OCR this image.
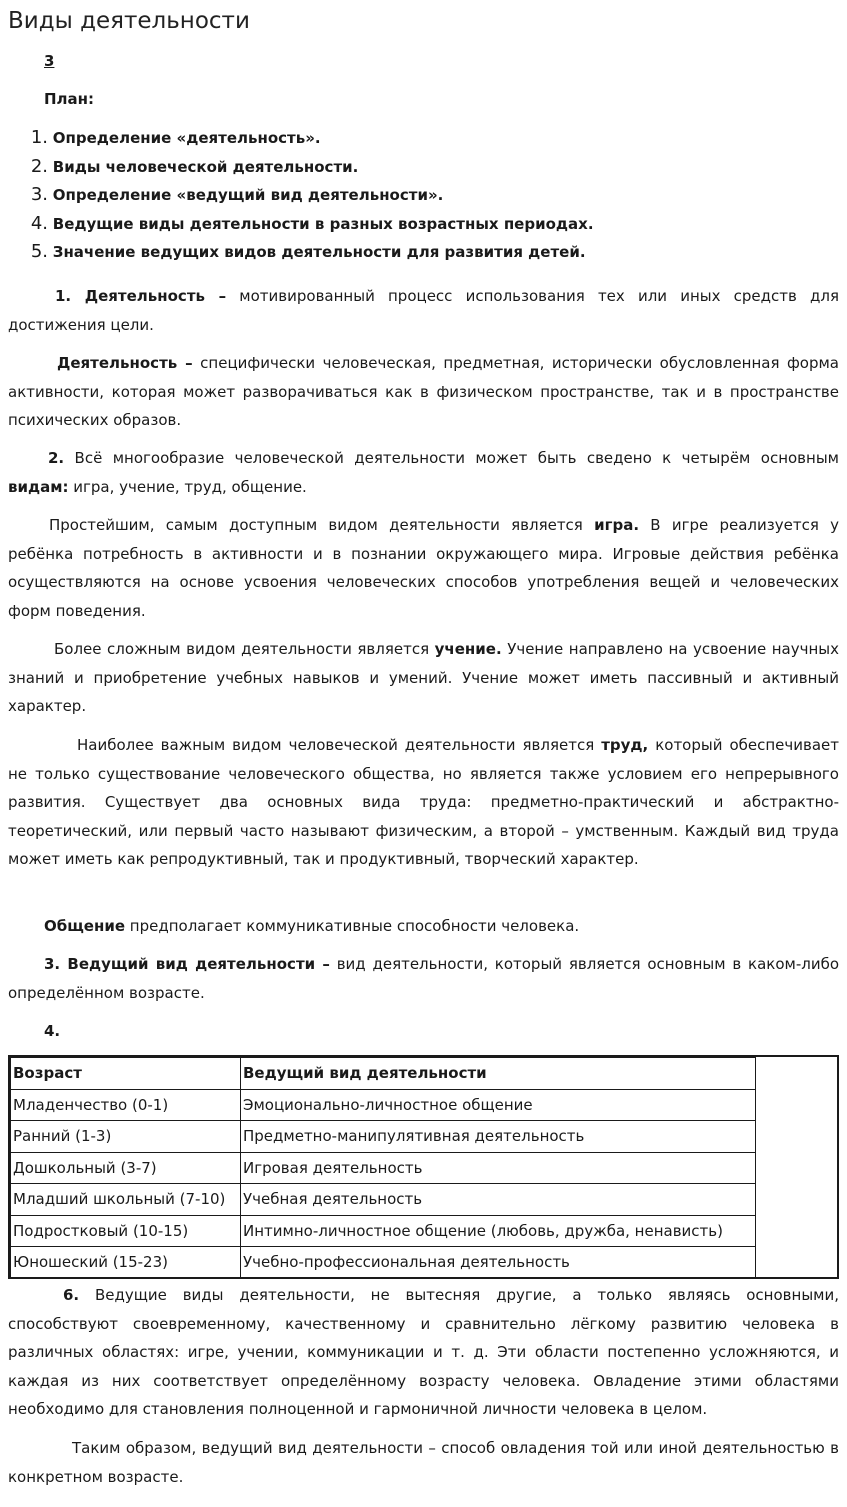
Виды деятельности
3
План:
1. Определение «деятельность».
2. Виды человеческой деятельности.
3. Определение «ведущий вид деятельности».
4. Ведущие виды деятельности в разных возрастных периодах.
5. Значение ведущих видов деятельности для развития детей.

1. Деятельность – мотивированный процесс использования тех или иных средств для достижения цели.

Деятельность – специфически человеческая, предметная, исторически обусловленная форма активности, которая может разворачиваться как в физическом пространстве, так и в пространстве психических образов.

2. Всё многообразие человеческой деятельности может быть сведено к четырём основным видам: игра, учение, труд, общение.

Простейшим, самым доступным видом деятельности является игра. В игре реализуется у ребёнка потребность в активности и в познании окружающего мира. Игровые действия ребёнка осуществляются на основе усвоения человеческих способов употребления вещей и человеческих форм поведения.

Более сложным видом деятельности является учение. Учение направлено на усвоение научных знаний и приобретение учебных навыков и умений. Учение может иметь пассивный и активный характер.

Наиболее важным видом человеческой деятельности является труд, который обеспечивает не только существование человеческого общества, но является также условием его непрерывного развития. Существует два основных вида труда: предметно-практический и абстрактно-теоретический, или первый часто называют физическим, а второй – умственным. Каждый вид труда может иметь как репродуктивный, так и продуктивный, творческий характер.

Общение предполагает коммуникативные способности человека.

3. Ведущий вид деятельности – вид деятельности, который является основным в каком-либо определённом возрасте.

4.

Возраст	Ведущий вид деятельности
Младенчество (0-1)	Эмоционально-личностное общение
Ранний (1-3)	Предметно-манипулятивная деятельность
Дошкольный (3-7)	Игровая деятельность
Младший школьный (7-10)	Учебная деятельность
Подростковый (10-15)	Интимно-личностное общение (любовь, дружба, ненависть)
Юношеский (15-23)	Учебно-профессиональная деятельность

6. Ведущие виды деятельности, не вытесняя другие, а только являясь основными, способствуют своевременному, качественному и сравнительно лёгкому развитию человека в различных областях: игре, учении, коммуникации и т. д. Эти области постепенно усложняются, и каждая из них соответствует определённому возрасту человека. Овладение этими областями необходимо для становления полноценной и гармоничной личности человека в целом.

Таким образом, ведущий вид деятельности – способ овладения той или иной деятельностью в конкретном возрасте.
